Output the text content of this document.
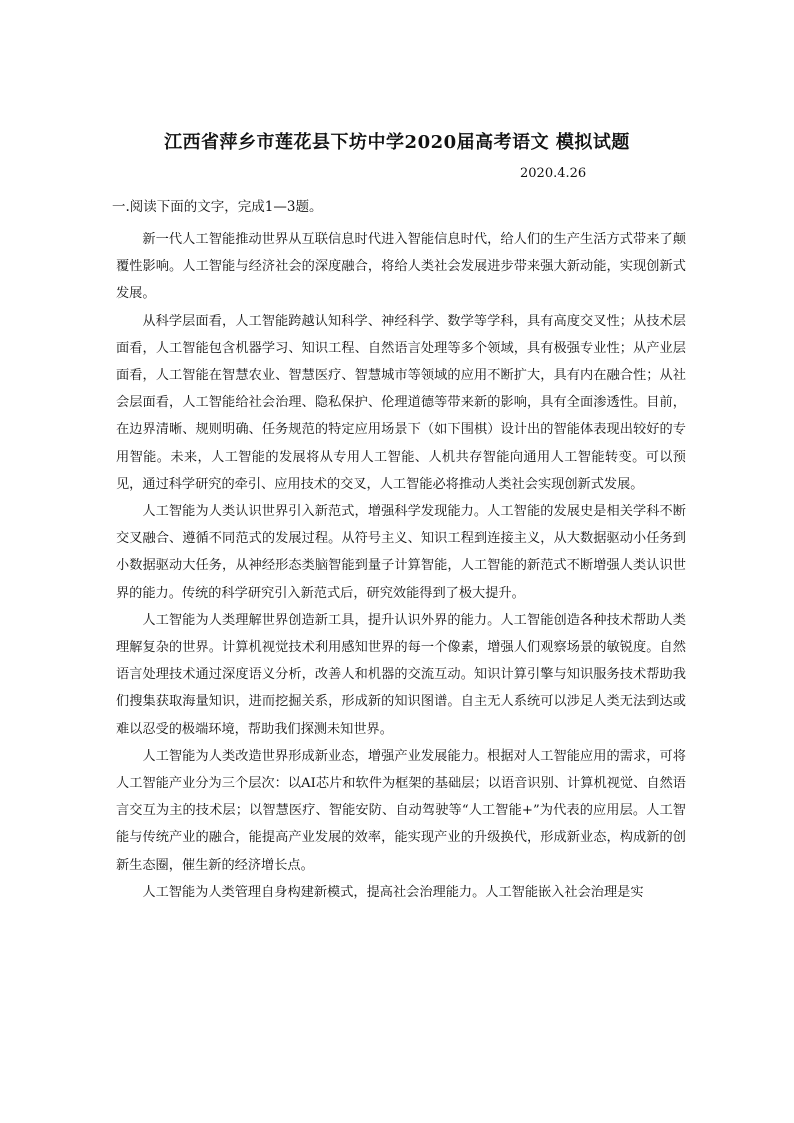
江西省萍乡市莲花县下坊中学2020届高考语文 模拟试题
2020.4.26
一.阅读下面的文字，完成1—3题。

新一代人工智能推动世界从互联信息时代进入智能信息时代，给人们的生产生活方式带来了颠覆性影响。人工智能与经济社会的深度融合，将给人类社会发展进步带来强大新动能，实现创新式发展。

从科学层面看，人工智能跨越认知科学、神经科学、数学等学科，具有高度交叉性；从技术层面看，人工智能包含机器学习、知识工程、自然语言处理等多个领域，具有极强专业性；从产业层面看，人工智能在智慧农业、智慧医疗、智慧城市等领域的应用不断扩大，具有内在融合性；从社会层面看，人工智能给社会治理、隐私保护、伦理道德等带来新的影响，具有全面渗透性。目前，在边界清晰、规则明确、任务规范的特定应用场景下（如下围棋）设计出的智能体表现出较好的专用智能。未来，人工智能的发展将从专用人工智能、人机共存智能向通用人工智能转变。可以预见，通过科学研究的牵引、应用技术的交叉，人工智能必将推动人类社会实现创新式发展。

人工智能为人类认识世界引入新范式，增强科学发现能力。人工智能的发展史是相关学科不断交叉融合、遵循不同范式的发展过程。从符号主义、知识工程到连接主义，从大数据驱动小任务到小数据驱动大任务，从神经形态类脑智能到量子计算智能，人工智能的新范式不断增强人类认识世界的能力。传统的科学研究引入新范式后，研究效能得到了极大提升。

人工智能为人类理解世界创造新工具，提升认识外界的能力。人工智能创造各种技术帮助人类理解复杂的世界。计算机视觉技术利用感知世界的每一个像素，增强人们观察场景的敏锐度。自然语言处理技术通过深度语义分析，改善人和机器的交流互动。知识计算引擎与知识服务技术帮助我们搜集获取海量知识，进而挖掘关系，形成新的知识图谱。自主无人系统可以涉足人类无法到达或难以忍受的极端环境，帮助我们探测未知世界。

人工智能为人类改造世界形成新业态，增强产业发展能力。根据对人工智能应用的需求，可将人工智能产业分为三个层次：以AI芯片和软件为框架的基础层；以语音识别、计算机视觉、自然语言交互为主的技术层；以智慧医疗、智能安防、自动驾驶等“人工智能+”为代表的应用层。人工智能与传统产业的融合，能提高产业发展的效率，能实现产业的升级换代，形成新业态，构成新的创新生态圈，催生新的经济增长点。

人工智能为人类管理自身构建新模式，提高社会治理能力。人工智能嵌入社会治理是实
